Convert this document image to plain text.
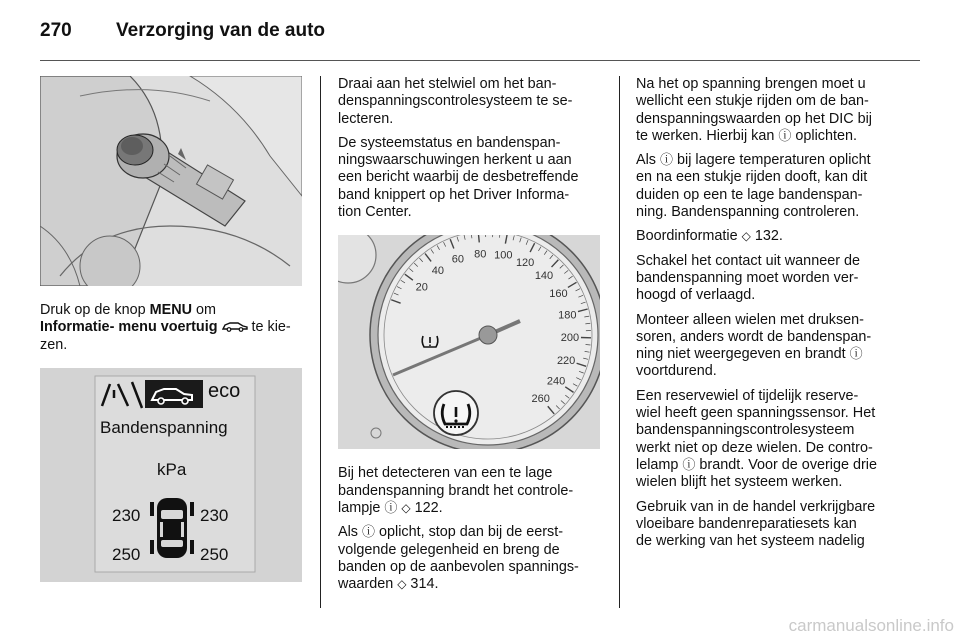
270 Verzorging van de auto

Druk op de knop MENU om
Informatie- menu voertuig  te kie-
zen.

eco
Bandenspanning
kPa
230	230
250	250

Draai aan het stelwiel om het ban-
denspanningscontrolesysteem te se-
lecteren.

De systeemstatus en bandenspan-
ningswaarschuwingen herkent u aan
een bericht waarbij de desbetreffende
band knippert op het Driver Informa-
tion Center.

20
40
60 80 100
120
140
160
180
200
220
240
260

Bij het detecteren van een te lage
bandenspanning brandt het controle-
lampje ⓘ ◇ 122.

Als ⓘ oplicht, stop dan bij de eerst-
volgende gelegenheid en breng de
banden op de aanbevolen spannings-
waarden ◇ 314.

Na het op spanning brengen moet u
wellicht een stukje rijden om de ban-
denspanningswaarden op het DIC bij
te werken. Hierbij kan ⓘ oplichten.

Als ⓘ bij lagere temperaturen oplicht
en na een stukje rijden dooft, kan dit
duiden op een te lage bandenspan-
ning. Bandenspanning controleren.

Boordinformatie ◇ 132.

Schakel het contact uit wanneer de
bandenspanning moet worden ver-
hoogd of verlaagd.

Monteer alleen wielen met druksen-
soren, anders wordt de bandenspan-
ning niet weergegeven en brandt ⓘ
voortdurend.

Een reservewiel of tijdelijk reserve-
wiel heeft geen spanningssensor. Het
bandenspanningscontrolesysteem
werkt niet op deze wielen. De contro-
lelamp ⓘ brandt. Voor de overige drie
wielen blijft het systeem werken.

Gebruik van in de handel verkrijgbare
vloeibare bandenreparatiesets kan
de werking van het systeem nadelig

carmanualsonline.info
